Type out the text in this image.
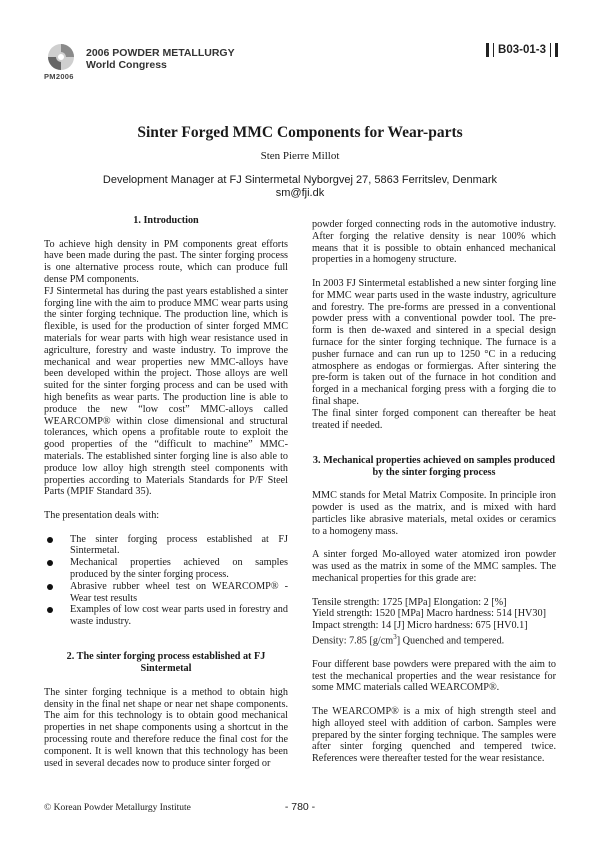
2006 POWDER METALLURGY
World Congress
PM2006
B03-01-3
Sinter Forged MMC Components for Wear-parts
Sten Pierre Millot
Development Manager at FJ Sintermetal Nyborgvej 27, 5863 Ferritslev, Denmark
sm@fji.dk

1. Introduction

To achieve high density in PM components great efforts have been made during the past. The sinter forging process is one alternative process route, which can produce full dense PM components.

FJ Sintermetal has during the past years established a sinter forging line with the aim to produce MMC wear parts using the sinter forging technique. The production line, which is flexible, is used for the production of sinter forged MMC materials for wear parts with high wear resistance used in agriculture, forestry and waste industry. To improve the mechanical and wear properties new MMC-alloys have been developed within the project. Those alloys are well suited for the sinter forging process and can be used with high benefits as wear parts. The production line is able to produce the new “low cost” MMC-alloys called WEARCOMP® within close dimensional and structural tolerances, which opens a profitable route to exploit the good properties of the “difficult to machine” MMC-materials. The established sinter forging line is also able to produce low alloy high strength steel components with properties according to Materials Standards for P/F Steel Parts (MPIF Standard 35).

The presentation deals with:

The sinter forging process established at FJ Sintermetal.
Mechanical properties achieved on samples produced by the sinter forging process.
Abrasive rubber wheel test on WEARCOMP® - Wear test results
Examples of low cost wear parts used in forestry and waste industry.

2. The sinter forging process established at FJ
Sintermetal

The sinter forging technique is a method to obtain high density in the final net shape or near net shape components. The aim for this technology is to obtain good mechanical properties in net shape components using a shortcut in the processing route and therefore reduce the final cost for the component. It is well known that this technology has been used in several decades now to produce sinter forged or

powder forged connecting rods in the automotive industry. After forging the relative density is near 100% which means that it is possible to obtain enhanced mechanical properties in a homogeny structure.

In 2003 FJ Sintermetal established a new sinter forging line for MMC wear parts used in the waste industry, agriculture and forestry. The pre-forms are pressed in a conventional powder press with a conventional powder tool. The pre-form is then de-waxed and sintered in a special design furnace for the sinter forging technique. The furnace is a pusher furnace and can run up to 1250 °C in a reducing atmosphere as endogas or formiergas. After sintering the pre-form is taken out of the furnace in hot condition and forged in a mechanical forging press with a forging die to final shape.

The final sinter forged component can thereafter be heat treated if needed.

3. Mechanical properties achieved on samples produced
by the sinter forging process

MMC stands for Metal Matrix Composite. In principle iron powder is used as the matrix, and is mixed with hard particles like abrasive materials, metal oxides or ceramics to a homogeny mass.

A sinter forged Mo-alloyed water atomized iron powder was used as the matrix in some of the MMC samples. The mechanical properties for this grade are:

Tensile strength: 1725 [MPa] Elongation: 2 [%]

Yield strength: 1520 [MPa] Macro hardness: 514 [HV30]

Impact strength: 14 [J] Micro hardness: 675 [HV0.1]

Density: 7.85 $[g/cm^3]$ Quenched and tempered.

Four different base powders were prepared with the aim to test the mechanical properties and the wear resistance for some MMC materials called WEARCOMP®.

The WEARCOMP® is a mix of high strength steel and high alloyed steel with addition of carbon. Samples were prepared by the sinter forging technique. The samples were after sinter forging quenched and tempered twice. References were thereafter tested for the wear resistance.

© Korean Powder Metallurgy Institute	- 780 -
